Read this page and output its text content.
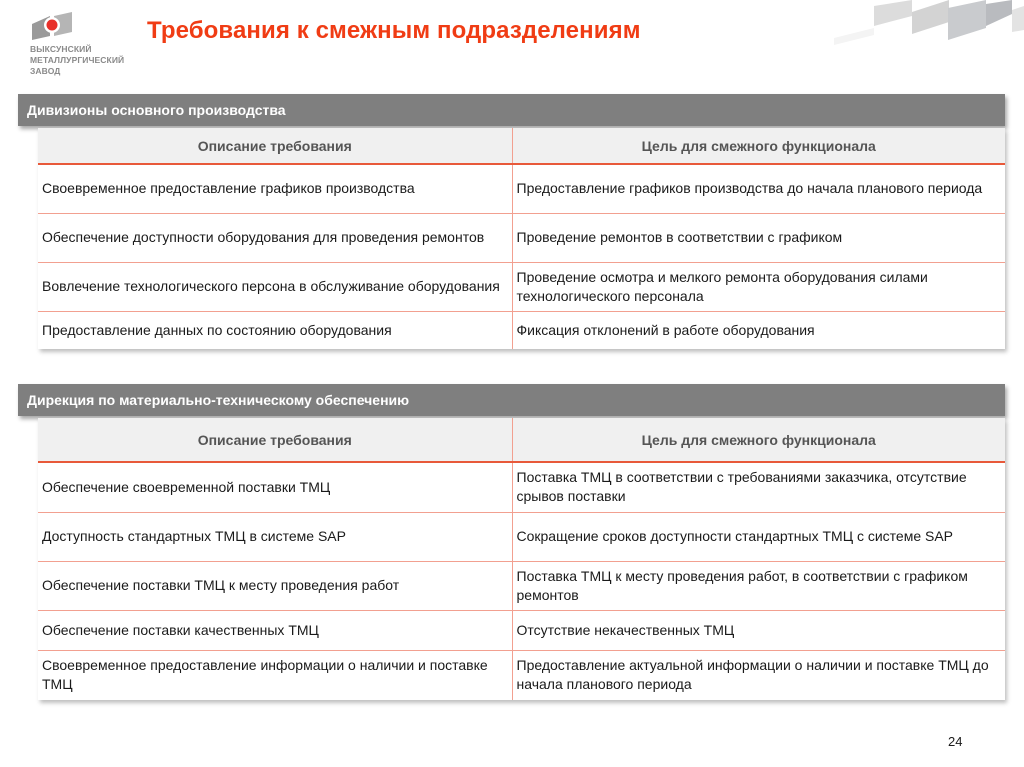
ВЫКСУНСКИЙ
МЕТАЛЛУРГИЧЕСКИЙ
ЗАВОД
Требования к смежным подразделениям
Дивизионы основного производства
Описание требования	Цель для смежного функционала
Своевременное предоставление графиков производства	Предоставление графиков производства до начала планового периода
Обеспечение доступности оборудования для проведения ремонтов	Проведение ремонтов в соответствии с графиком
Вовлечение технологического персона в обслуживание оборудования	Проведение осмотра и мелкого ремонта оборудования силами технологического персонала
Предоставление данных по состоянию оборудования	Фиксация отклонений в работе оборудования
Дирекция по материально-техническому обеспечению
Описание требования	Цель для смежного функционала
Обеспечение своевременной поставки ТМЦ	Поставка ТМЦ в соответствии с требованиями заказчика, отсутствие срывов поставки
Доступность стандартных ТМЦ в системе SAP	Сокращение сроков доступности стандартных ТМЦ с системе SAP
Обеспечение поставки ТМЦ к месту проведения работ	Поставка ТМЦ к месту проведения работ, в соответствии с графиком ремонтов
Обеспечение поставки качественных ТМЦ	Отсутствие некачественных ТМЦ
Своевременное предоставление информации о наличии и поставке ТМЦ	Предоставление актуальной информации о наличии и поставке ТМЦ до начала планового периода
24
